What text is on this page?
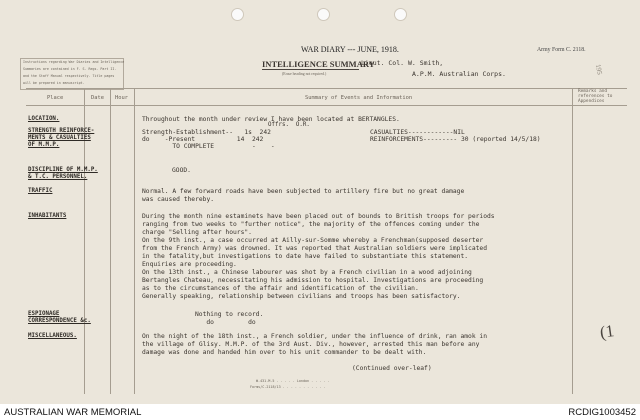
Instructions regarding War Diaries and Intelligence
Summaries are contained in F. S. Regs. Part II.
and the Staff Manual respectively. Title pages
will be prepared in manuscript.
WAR DIARY --- JUNE, 1918.	Army Form C. 2118.
INTELLIGENCE SUMMARY
(Erase heading not required.)
Lieut. Col. W. Smith,
A.P.M. Australian Corps.	195
Place	Date Hour	Summary of Events and Information
Remarks and
references to
Appendices
LOCATION.	Throughout the month under review I have been located at BERTANGLES.
STRENGTH REINFORCE-
MENTS & CASUALTIES
OF M.M.P.
Offrs.  O.R.
Strength-Establishment--   1s  242
do    -Present           14  242
TO COMPLETE          -    -
CASUALTIES------------NIL
REINFORCEMENTS--------- 30 (reported 14/5/18)
DISCIPLINE OF M.M.P.
& T.C. PERSONNEL.
GOOD.
TRAFFIC	Normal. A few forward roads have been subjected to artillery fire but no great damage
was caused thereby.
INHABITANTS	During the month nine estaminets have been placed out of bounds to British troops for periods
ranging from two weeks to "further notice", the majority of the offences coming under the
charge "Selling after hours".
On the 9th inst., a case occurred at Ailly-sur-Somme whereby a Frenchman(supposed deserter
from the French Army) was drowned. It was reported that Australian soldiers were implicated
in the fatality,but investigations to date have failed to substantiate this statement.
Enquiries are proceeding.
On the 13th inst., a Chinese labourer was shot by a French civilian in a wood adjoining
Bertangles Chateau, necessitating his admission to hospital. Investigations are proceeding
as to the circumstances of the affair and identification of the civilian.
Generally speaking, relationship between civilians and troops has been satisfactory.
ESPIONAGE
CORRESPONDENCE &c.
Nothing to record.
do         do
MISCELLANEOUS.	On the night of the 18th inst., a French soldier, under the influence of drink, ran amok in
the village of Glisy. M.M.P. of the 3rd Aust. Div., however, arrested this man before any
damage was done and handed him over to his unit commander to be dealt with.
(Continued over-leaf)
(1
W.431-M.5 . . . . . London . . . . .
Forms/C.2118/13 . . . . . . . . . . .
AUSTRALIAN WAR MEMORIAL	RCDIG1003452
